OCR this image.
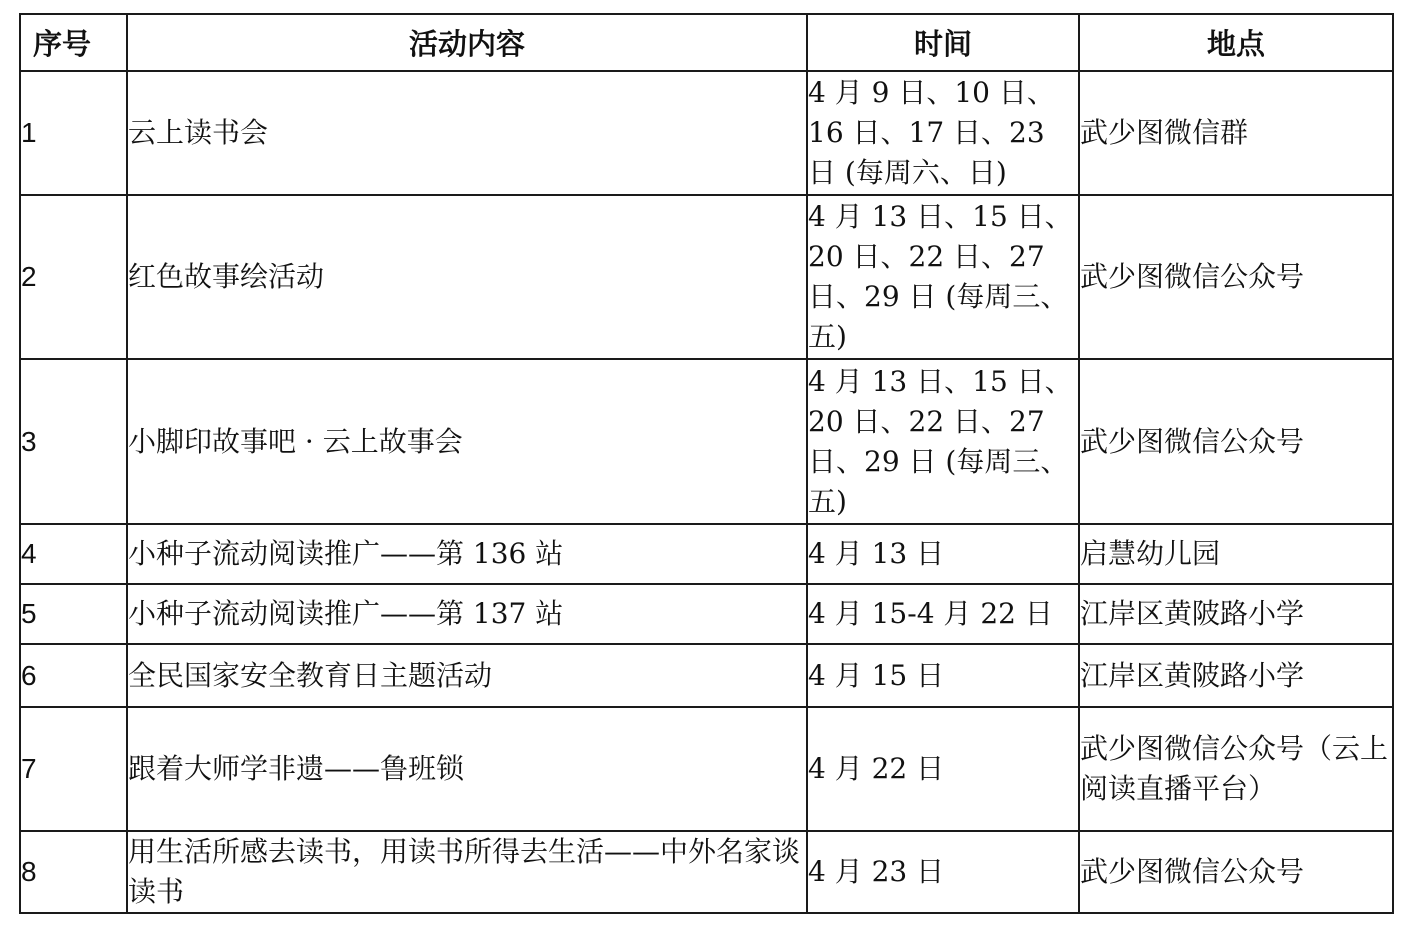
序号	活动内容	时间	地点
1	云上读书会	4 月 9 日、10 日、16 日、17 日、23 日 (每周六、日)	武少图微信群
2	红色故事绘活动	4 月 13 日、15 日、20 日、22 日、27 日、29 日 (每周三、五)	武少图微信公众号
3	小脚印故事吧 · 云上故事会	4 月 13 日、15 日、20 日、22 日、27 日、29 日 (每周三、五)	武少图微信公众号
4	小种子流动阅读推广——第 136 站	4 月 13 日	启慧幼儿园
5	小种子流动阅读推广——第 137 站	4 月 15-4 月 22 日	江岸区黄陂路小学
6	全民国家安全教育日主题活动	4 月 15 日	江岸区黄陂路小学
7	跟着大师学非遗——鲁班锁	4 月 22 日	武少图微信公众号（云上阅读直播平台）
8	用生活所感去读书，用读书所得去生活——中外名家谈读书	4 月 23 日	武少图微信公众号
